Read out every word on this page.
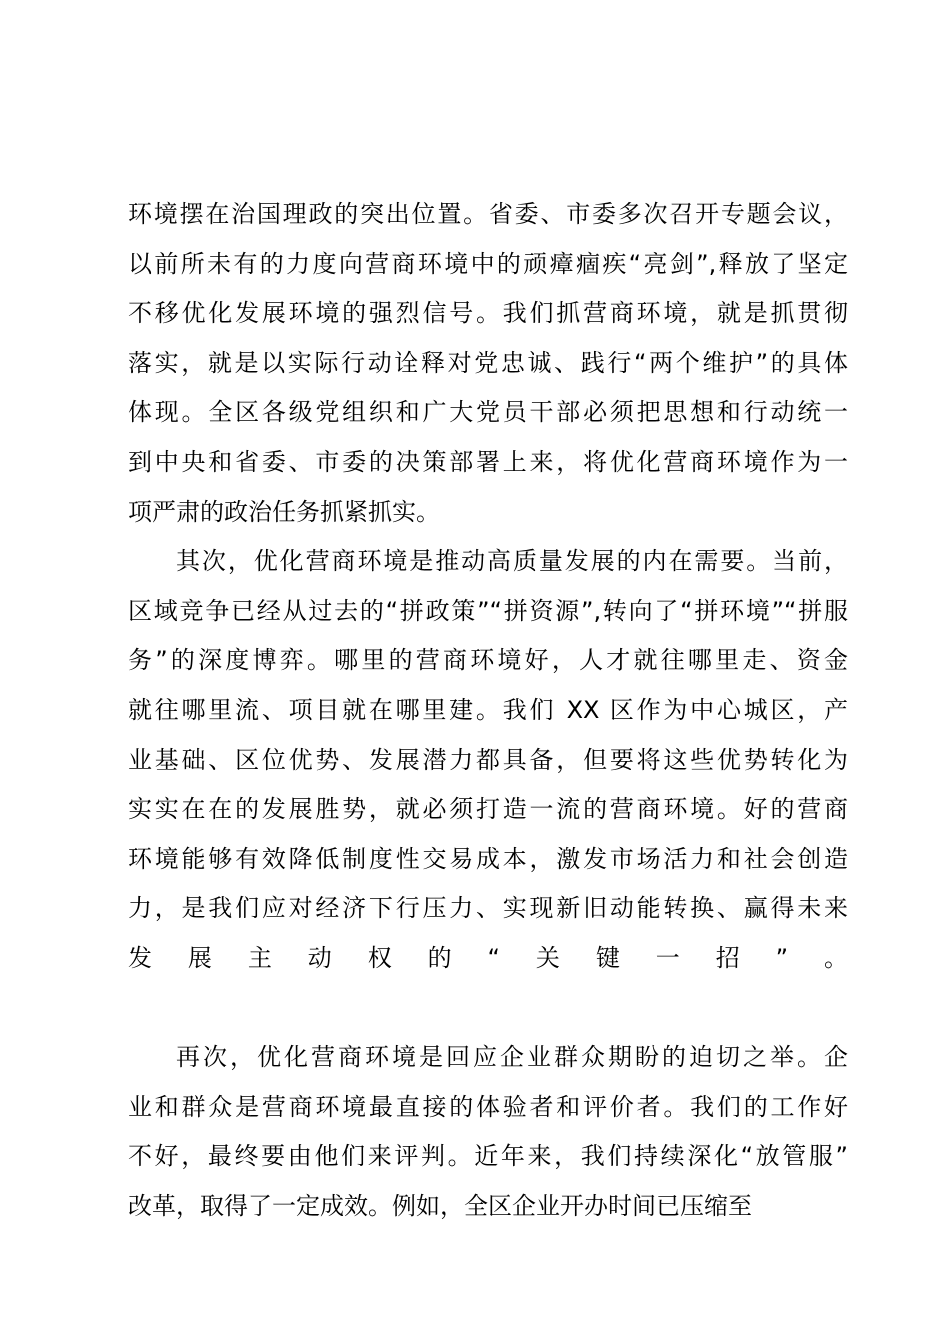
环境摆在治国理政的突出位置。省委、市委多次召开专题会议，
以前所未有的力度向营商环境中的顽瘴痼疾“亮剑”,释放了坚定
不移优化发展环境的强烈信号。我们抓营商环境，就是抓贯彻
落实，就是以实际行动诠释对党忠诚、践行“两个维护”的具体
体现。全区各级党组织和广大党员干部必须把思想和行动统一
到中央和省委、市委的决策部署上来，将优化营商环境作为一
项严肃的政治任务抓紧抓实。
其次，优化营商环境是推动高质量发展的内在需要。当前，
区域竞争已经从过去的“拼政策”“拼资源”,转向了“拼环境”“拼服
务”的深度博弈。哪里的营商环境好，人才就往哪里走、资金
就往哪里流、项目就在哪里建。我们 XX 区作为中心城区，产
业基础、区位优势、发展潜力都具备，但要将这些优势转化为
实实在在的发展胜势，就必须打造一流的营商环境。好的营商
环境能够有效降低制度性交易成本，激发市场活力和社会创造
力，是我们应对经济下行压力、实现新旧动能转换、赢得未来
发展主动权的“关键一招”。
再次，优化营商环境是回应企业群众期盼的迫切之举。企
业和群众是营商环境最直接的体验者和评价者。我们的工作好
不好，最终要由他们来评判。近年来，我们持续深化“放管服”
改革，取得了一定成效。例如，全区企业开办时间已压缩至
